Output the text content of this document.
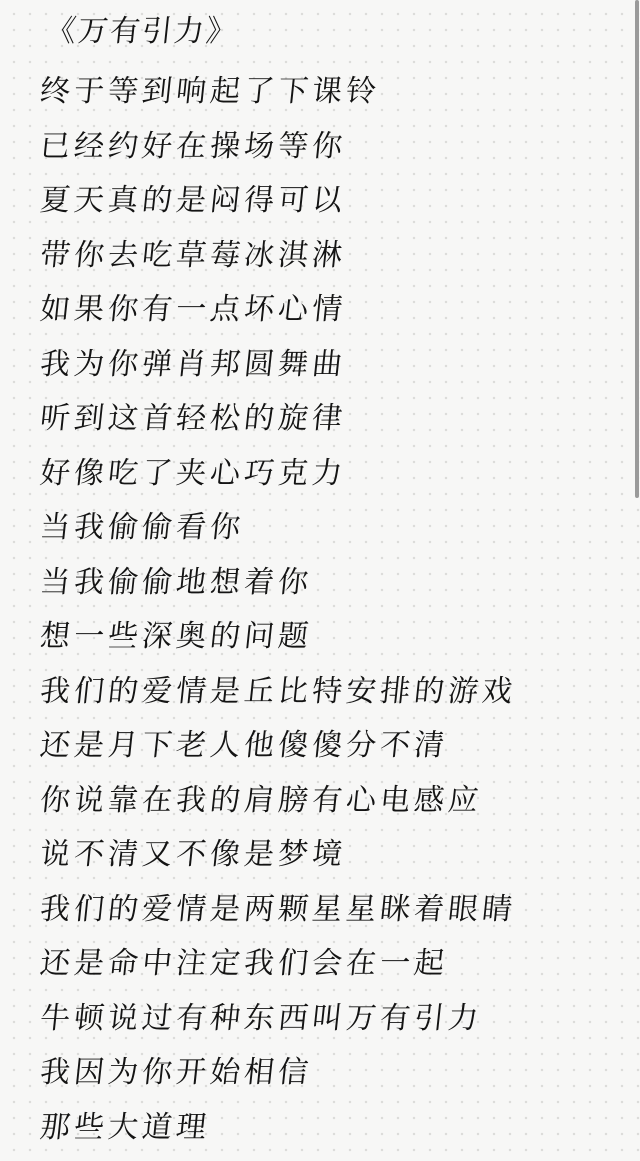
《万有引力》
终于等到响起了下课铃
已经约好在操场等你
夏天真的是闷得可以
带你去吃草莓冰淇淋
如果你有一点坏心情
我为你弹肖邦圆舞曲
听到这首轻松的旋律
好像吃了夹心巧克力
当我偷偷看你
当我偷偷地想着你
想一些深奥的问题
我们的爱情是丘比特安排的游戏
还是月下老人他傻傻分不清
你说靠在我的肩膀有心电感应
说不清又不像是梦境
我们的爱情是两颗星星眯着眼睛
还是命中注定我们会在一起
牛顿说过有种东西叫万有引力
我因为你开始相信
那些大道理
